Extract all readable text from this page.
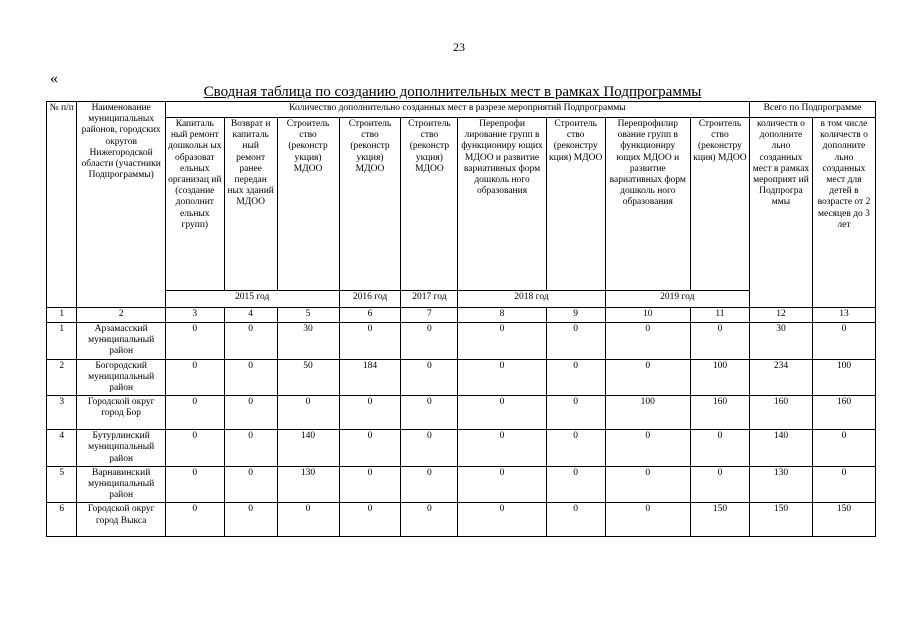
23
«
Сводная таблица по созданию дополнительных мест в рамках Подпрограммы
№ п/п	Наименование муниципальных районов, городских округов Нижегородской области (участники Подпрограммы)	Количество дополнительно созданных мест в разрезе мероприятий Подпрограммы									Всего по Подпрограмме	
		Капиталь ный ремонт дошкольн ых образоват ельных организац ий (создание дополнит ельных групп)	Возврат и капиталь ный ремонт ранее передан ных зданий МДОО	Строитель ство (реконстр укция) МДОО	Строитель ство (реконстр укция) МДОО	Строитель ство (реконстр укция) МДОО	Перепрофи лирование групп в функциониру ющих МДОО и развитие вариативных форм дошколь ного образования	Строитель ство (реконстру кция) МДОО	Перепрофилир ование групп в функциониру ющих МДОО и развитие вариативных форм дошколь ного образования	Строитель ство (реконстру кция) МДОО	количеств о дополните льно созданных мест в рамках мероприят ий Подпрогра ммы	в том числе количеств о дополните льно созданных мест для детей в возрасте от 2 месяцев до 3 лет
		2015 год			2016 год	2017 год	2018 год		2019 год			
1	2	3	4	5	6	7	8	9	10	11	12	13
1	Арзамасский муниципальный район	0	0	30	0	0	0	0	0	0	30	0
2	Богородский муниципальный район	0	0	50	184	0	0	0	0	100	234	100
3	Городской округ город Бор	0	0	0	0	0	0	0	100	160	160	160
4	Бутурлинский муниципальный район	0	0	140	0	0	0	0	0	0	140	0
5	Варнавинский муниципальный район	0	0	130	0	0	0	0	0	0	130	0
6	Городской округ город Выкса	0	0	0	0	0	0	0	0	150	150	150
